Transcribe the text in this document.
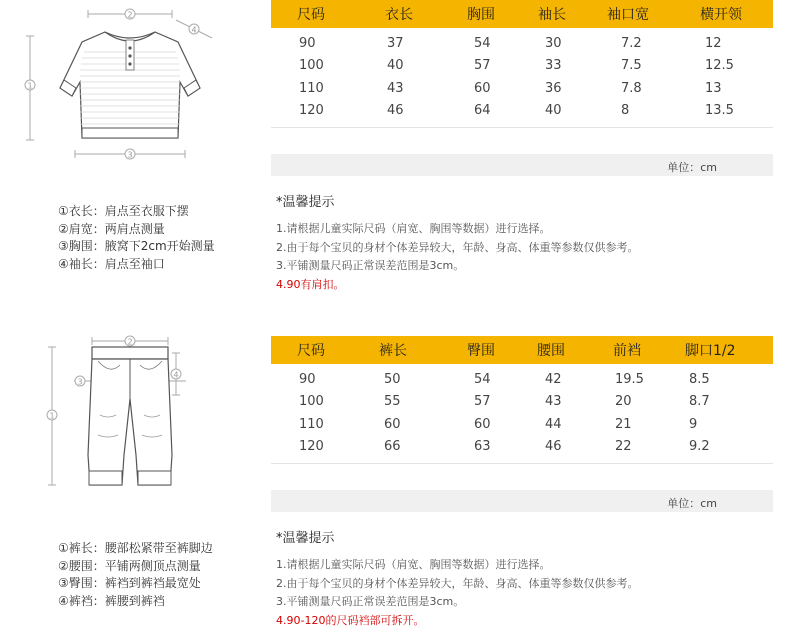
2
4
1
3
①衣长：肩点至衣服下摆
②肩宽：两肩点测量
③胸围：腋窝下2cm开始测量
④袖长：肩点至袖口
尺码	衣长	胸围	袖长	袖口宽	横开领
90	37	54	30	7.2	12
100	40	57	33	7.5	12.5
110	43	60	36	7.8	13
120	46	64	40	8	13.5
单位：cm
*温馨提示
1.请根据儿童实际尺码（肩宽、胸围等数据）进行选择。
2.由于每个宝贝的身材个体差异较大，年龄、身高、体重等参数仅供参考。
3.平铺测量尺码正常误差范围是3cm。
4.90有肩扣。
2
4
1
3
①裤长：腰部松紧带至裤脚边
②腰围：平铺两侧顶点测量
③臀围：裤裆到裤裆最宽处
④裤裆：裤腰到裤裆
尺码	裤长	臀围	腰围	前裆	脚口1/2
90	50	54	42	19.5	8.5
100	55	57	43	20	8.7
110	60	60	44	21	9
120	66	63	46	22	9.2
单位：cm
*温馨提示
1.请根据儿童实际尺码（肩宽、胸围等数据）进行选择。
2.由于每个宝贝的身材个体差异较大，年龄、身高、体重等参数仅供参考。
3.平铺测量尺码正常误差范围是3cm。
4.90-120的尺码裆部可拆开。
